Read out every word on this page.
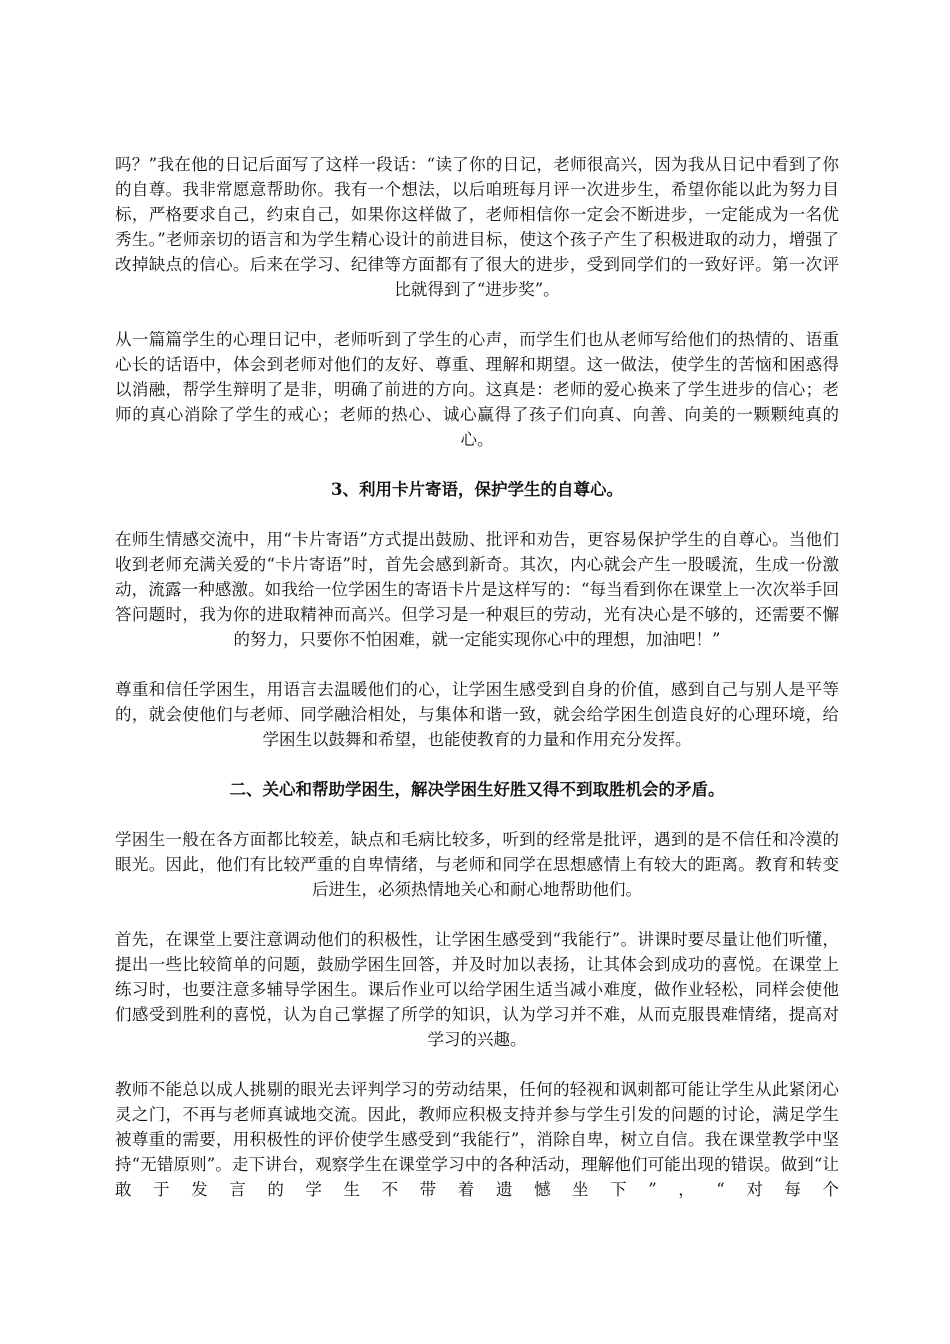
吗？”我在他的日记后面写了这样一段话：“读了你的日记，老师很高兴，因为我从日记中看到了你的自尊。我非常愿意帮助你。我有一个想法，以后咱班每月评一次进步生，希望你能以此为努力目标，严格要求自己，约束自己，如果你这样做了，老师相信你一定会不断进步，一定能成为一名优秀生。”老师亲切的语言和为学生精心设计的前进目标，使这个孩子产生了积极进取的动力，增强了改掉缺点的信心。后来在学习、纪律等方面都有了很大的进步，受到同学们的一致好评。第一次评比就得到了“进步奖”。

从一篇篇学生的心理日记中，老师听到了学生的心声，而学生们也从老师写给他们的热情的、语重心长的话语中，体会到老师对他们的友好、尊重、理解和期望。这一做法，使学生的苦恼和困惑得以消融，帮学生辩明了是非，明确了前进的方向。这真是：老师的爱心换来了学生进步的信心；老师的真心消除了学生的戒心；老师的热心、诚心赢得了孩子们向真、向善、向美的一颗颗纯真的心。

3、利用卡片寄语，保护学生的自尊心。

在师生情感交流中，用“卡片寄语”方式提出鼓励、批评和劝告，更容易保护学生的自尊心。当他们收到老师充满关爱的“卡片寄语”时，首先会感到新奇。其次，内心就会产生一股暖流，生成一份激动，流露一种感激。如我给一位学困生的寄语卡片是这样写的：“每当看到你在课堂上一次次举手回答问题时，我为你的进取精神而高兴。但学习是一种艰巨的劳动，光有决心是不够的，还需要不懈的努力，只要你不怕困难，就一定能实现你心中的理想，加油吧！”

尊重和信任学困生，用语言去温暖他们的心，让学困生感受到自身的价值，感到自己与别人是平等的，就会使他们与老师、同学融洽相处，与集体和谐一致，就会给学困生创造良好的心理环境，给学困生以鼓舞和希望，也能使教育的力量和作用充分发挥。

二、关心和帮助学困生，解决学困生好胜又得不到取胜机会的矛盾。

学困生一般在各方面都比较差，缺点和毛病比较多，听到的经常是批评，遇到的是不信任和冷漠的眼光。因此，他们有比较严重的自卑情绪，与老师和同学在思想感情上有较大的距离。教育和转变后进生，必须热情地关心和耐心地帮助他们。

首先，在课堂上要注意调动他们的积极性，让学困生感受到“我能行”。讲课时要尽量让他们听懂，提出一些比较简单的问题，鼓励学困生回答，并及时加以表扬，让其体会到成功的喜悦。在课堂上练习时，也要注意多辅导学困生。课后作业可以给学困生适当减小难度，做作业轻松，同样会使他们感受到胜利的喜悦，认为自己掌握了所学的知识，认为学习并不难，从而克服畏难情绪，提高对学习的兴趣。

教师不能总以成人挑剔的眼光去评判学习的劳动结果，任何的轻视和讽刺都可能让学生从此紧闭心灵之门，不再与老师真诚地交流。因此，教师应积极支持并参与学生引发的问题的讨论，满足学生被尊重的需要，用积极性的评价使学生感受到“我能行”，消除自卑，树立自信。我在课堂教学中坚持“无错原则”。走下讲台，观察学生在课堂学习中的各种活动，理解他们可能出现的错误。做到“让敢于发言的学生不带着遗憾坐下”，“对每个
